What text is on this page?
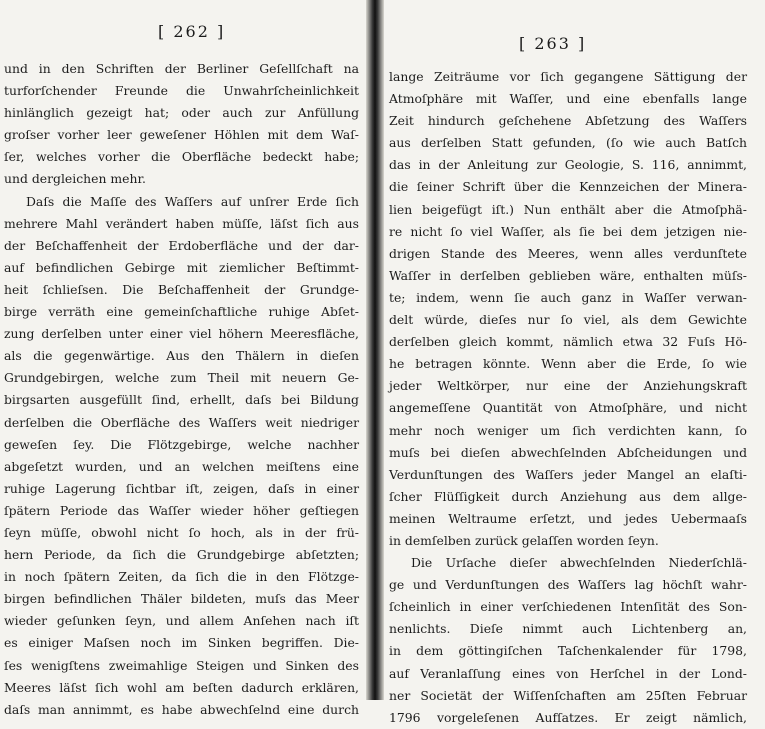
[ 262 ]
und in den Schriften der Berliner Geſellſchaft na
turforſchender Freunde die Unwahrſcheinlichkeit
hinlänglich gezeigt hat; oder auch zur Anfüllung
groſser vorher leer geweſener Höhlen mit dem Waſ-
ſer, welches vorher die Oberfläche bedeckt habe;
und dergleichen mehr.
Daſs die Maſſe des Waſſers auf unſrer Erde ſich
mehrere Mahl verändert haben müſſe, läſst ſich aus
der Beſchaffenheit der Erdoberfläche und der dar-
auf befindlichen Gebirge mit ziemlicher Beſtimmt-
heit ſchlieſsen. Die Beſchaffenheit der Grundge-
birge verräth eine gemeinſchaftliche ruhige Abſet-
zung derſelben unter einer viel höhern Meeresfläche,
als die gegenwärtige. Aus den Thälern in dieſen
Grundgebirgen, welche zum Theil mit neuern Ge-
birgsarten ausgefüllt ſind, erhellt, daſs bei Bildung
derſelben die Oberfläche des Waſſers weit niedriger
geweſen ſey. Die Flötzgebirge, welche nachher
abgeſetzt wurden, und an welchen meiſtens eine
ruhige Lagerung ſichtbar iſt, zeigen, daſs in einer
ſpätern Periode das Waſſer wieder höher geſtiegen
ſeyn müſſe, obwohl nicht ſo hoch, als in der frü-
hern Periode, da ſich die Grundgebirge abſetzten;
in noch ſpätern Zeiten, da ſich die in den Flötzge-
birgen befindlichen Thäler bildeten, muſs das Meer
wieder geſunken ſeyn, und allem Anſehen nach iſt
es einiger Maſsen noch im Sinken begriffen. Die-
ſes wenigſtens zweimahlige Steigen und Sinken des
Meeres läſst ſich wohl am beſten dadurch erklären,
daſs man annimmt, es habe abwechſelnd eine durch
[ 263 ]
lange Zeiträume vor ſich gegangene Sättigung der
Atmoſphäre mit Waſſer, und eine ebenfalls lange
Zeit hindurch geſchehene Abſetzung des Waſſers
aus derſelben Statt gefunden, (ſo wie auch Batſch
das in der Anleitung zur Geologie, S. 116, annimmt,
die ſeiner Schrift über die Kennzeichen der Minera-
lien beigefügt iſt.) Nun enthält aber die Atmoſphä-
re nicht ſo viel Waſſer, als ſie bei dem jetzigen nie-
drigen Stande des Meeres, wenn alles verdunſtete
Waſſer in derſelben geblieben wäre, enthalten müſs-
te; indem, wenn ſie auch ganz in Waſſer verwan-
delt würde, dieſes nur ſo viel, als dem Gewichte
derſelben gleich kommt, nämlich etwa 32 Fuſs Hö-
he betragen könnte. Wenn aber die Erde, ſo wie
jeder Weltkörper, nur eine der Anziehungskraft
angemeſſene Quantität von Atmoſphäre, und nicht
mehr noch weniger um ſich verdichten kann, ſo
muſs bei dieſen abwechſelnden Abſcheidungen und
Verdunſtungen des Waſſers jeder Mangel an elaſti-
ſcher Flüſſigkeit durch Anziehung aus dem allge-
meinen Weltraume erſetzt, und jedes Uebermaaſs
in demſelben zurück gelaſſen worden ſeyn.
Die Urſache dieſer abwechſelnden Niederſchlä-
ge und Verdunſtungen des Waſſers lag höchſt wahr-
ſcheinlich in einer verſchiedenen Intenſität des Son-
nenlichts. Dieſe nimmt auch Lichtenberg an,
in dem göttingiſchen Taſchenkalender für 1798,
auf Veranlaſſung eines von Herſchel in der Lond-
ner Societät der Wiſſenſchaften am 25ſten Februar
1796 vorgeleſenen Aufſatzes. Er zeigt nämlich,
